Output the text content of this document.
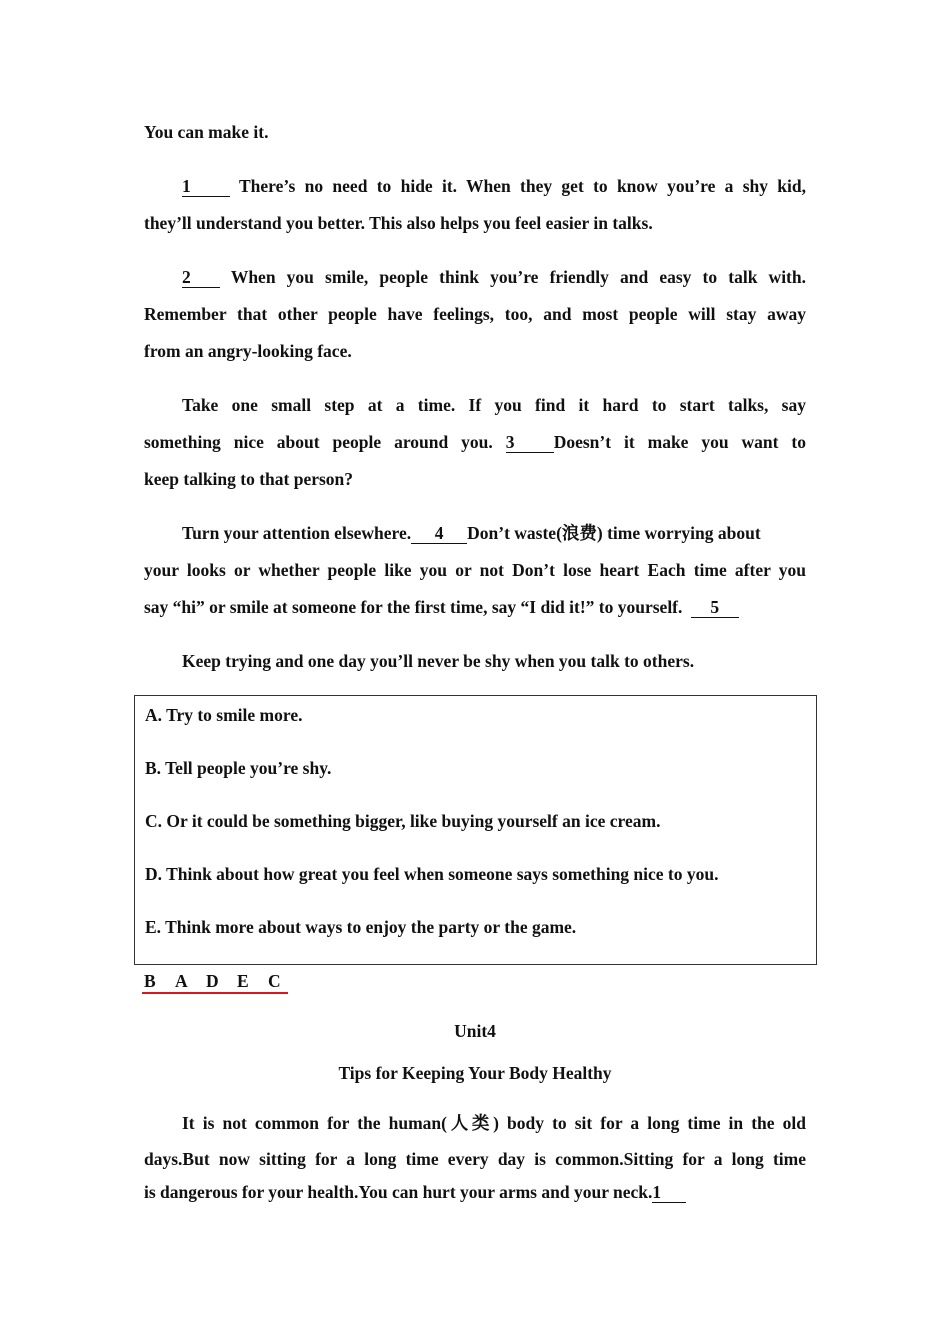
You can make it.
1	There’s no need to hide it. When they get to know you’re a shy kid,
they’ll understand you better. This also helps you feel easier in talks.
2 When you smile, people think you’re friendly and easy to talk with.
Remember that other people have feelings, too, and most people will stay away
from an angry-looking face.
Take one small step at a time. If you find it hard to start talks, say
something nice about people around you. 3 Doesn’t it make you want to
keep talking to that person?
Turn your attention elsewhere. 4 Don’t waste(浪费) time worrying about
your looks or whether people like you or not Don’t lose heart Each time after you
say “hi” or smile at someone for the first time, say “I did it!” to yourself. 5
Keep trying and one day you’ll never be shy when you talk to others.
A. Try to smile more.
B. Tell people you’re shy.
C. Or it could be something bigger, like buying yourself an ice cream.
D. Think about how great you feel when someone says something nice to you.
E. Think more about ways to enjoy the party or the game.
B A D E C
Unit4
Tips for Keeping Your Body Healthy
It is not common for the human(人类) body to sit for a long time in the old
days.But now sitting for a long time every day is common.Sitting for a long time
is dangerous for your health.You can hurt your arms and your neck.1
